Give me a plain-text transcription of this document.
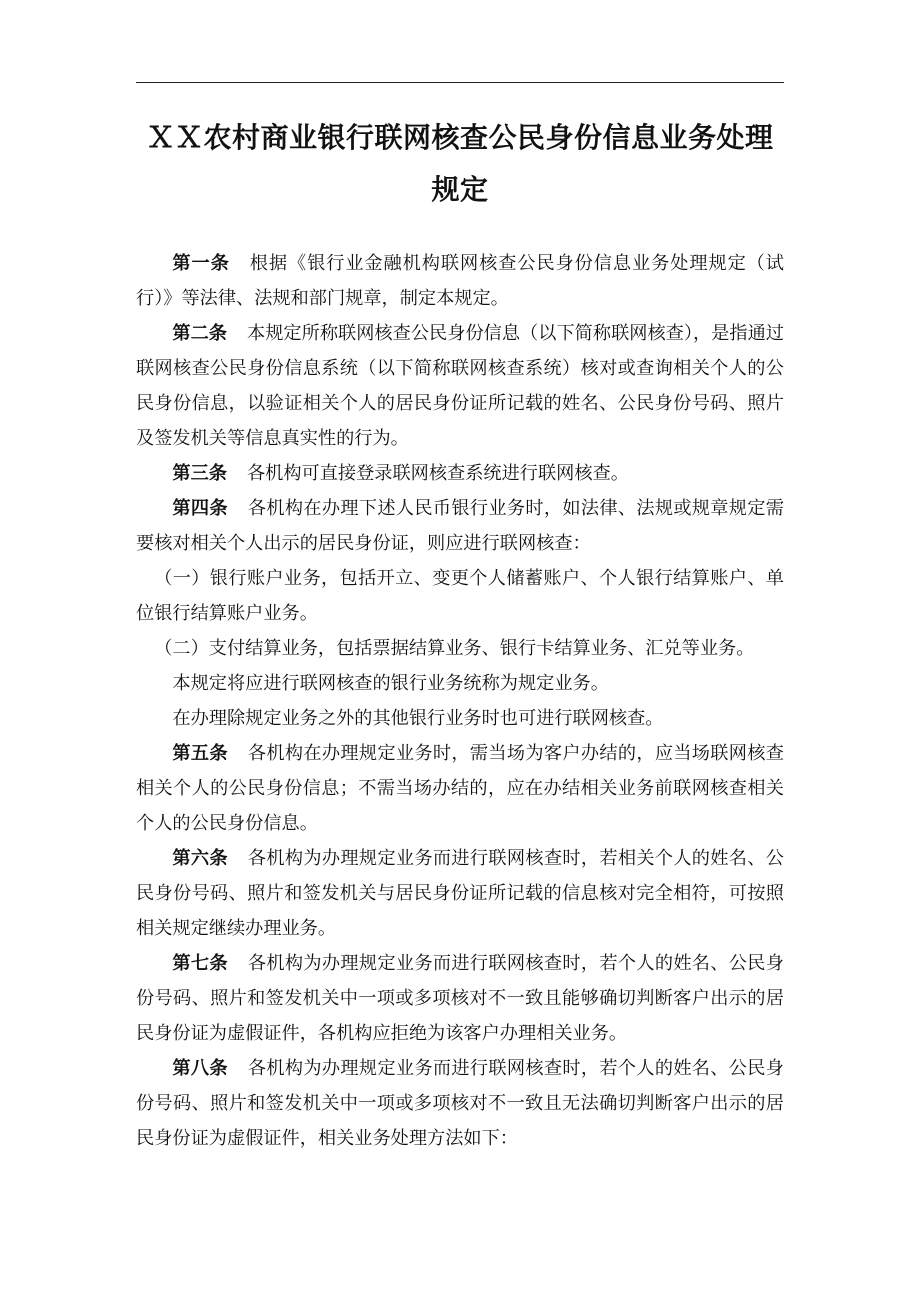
ＸＸ农村商业银行联网核查公民身份信息业务处理
规定

第一条 根据《银行业金融机构联网核查公民身份信息业务处理规定（试行）》等法律、法规和部门规章，制定本规定。

第二条 本规定所称联网核查公民身份信息（以下简称联网核查），是指通过联网核查公民身份信息系统（以下简称联网核查系统）核对或查询相关个人的公民身份信息，以验证相关个人的居民身份证所记载的姓名、公民身份号码、照片及签发机关等信息真实性的行为。

第三条 各机构可直接登录联网核查系统进行联网核查。

第四条 各机构在办理下述人民币银行业务时，如法律、法规或规章规定需要核对相关个人出示的居民身份证，则应进行联网核查：

（一）银行账户业务，包括开立、变更个人储蓄账户、个人银行结算账户、单位银行结算账户业务。

（二）支付结算业务，包括票据结算业务、银行卡结算业务、汇兑等业务。

本规定将应进行联网核查的银行业务统称为规定业务。

在办理除规定业务之外的其他银行业务时也可进行联网核查。

第五条 各机构在办理规定业务时，需当场为客户办结的，应当场联网核查相关个人的公民身份信息；不需当场办结的，应在办结相关业务前联网核查相关个人的公民身份信息。

第六条 各机构为办理规定业务而进行联网核查时，若相关个人的姓名、公民身份号码、照片和签发机关与居民身份证所记载的信息核对完全相符，可按照相关规定继续办理业务。

第七条 各机构为办理规定业务而进行联网核查时，若个人的姓名、公民身份号码、照片和签发机关中一项或多项核对不一致且能够确切判断客户出示的居民身份证为虚假证件，各机构应拒绝为该客户办理相关业务。

第八条 各机构为办理规定业务而进行联网核查时，若个人的姓名、公民身份号码、照片和签发机关中一项或多项核对不一致且无法确切判断客户出示的居民身份证为虚假证件，相关业务处理方法如下：
